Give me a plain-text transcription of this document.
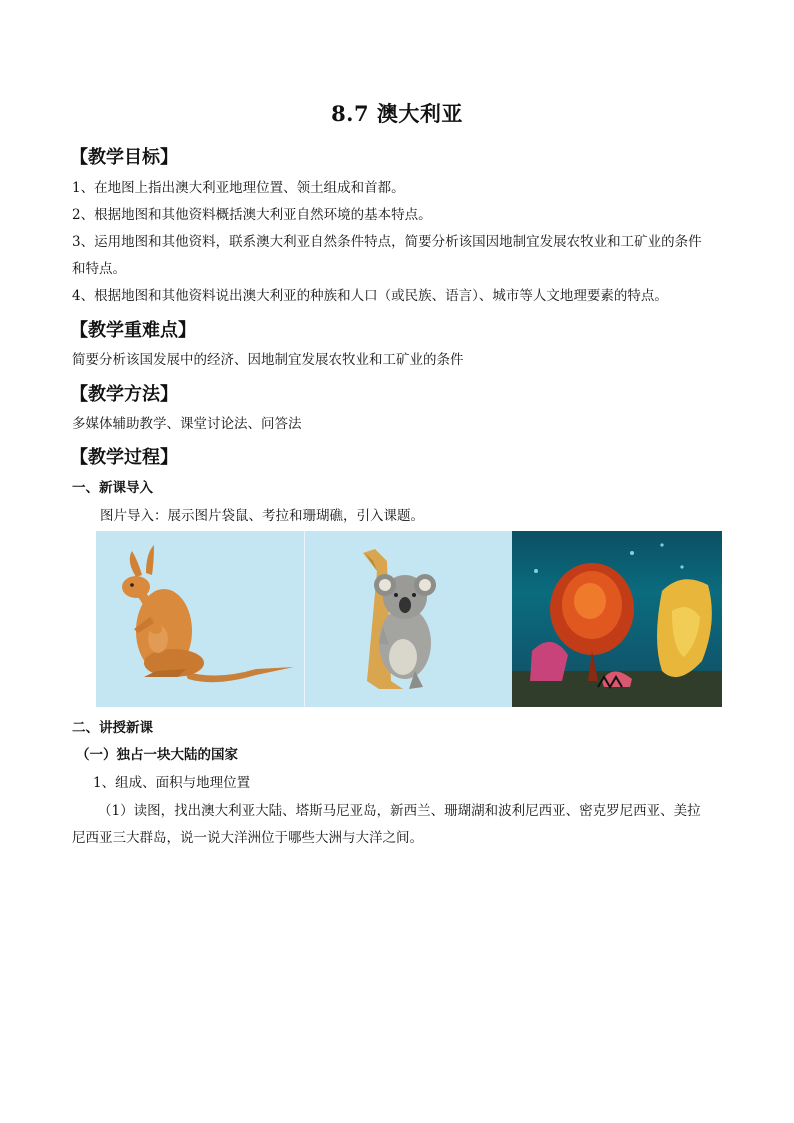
8.7 澳大利亚
【教学目标】
1、在地图上指出澳大利亚地理位置、领土组成和首都。
2、根据地图和其他资料概括澳大利亚自然环境的基本特点。
3、运用地图和其他资料，联系澳大利亚自然条件特点，简要分析该国因地制宜发展农牧业和工矿业的条件
和特点。
4、根据地图和其他资料说出澳大利亚的种族和人口（或民族、语言）、城市等人文地理要素的特点。
【教学重难点】
简要分析该国发展中的经济、因地制宜发展农牧业和工矿业的条件
【教学方法】
多媒体辅助教学、课堂讨论法、问答法
【教学过程】
一、新课导入
图片导入：展示图片袋鼠、考拉和珊瑚礁，引入课题。
二、讲授新课
（一）独占一块大陆的国家
1、组成、面积与地理位置
（1）读图，找出澳大利亚大陆、塔斯马尼亚岛，新西兰、珊瑚湖和波利尼西亚、密克罗尼西亚、美拉
尼西亚三大群岛，说一说大洋洲位于哪些大洲与大洋之间。
